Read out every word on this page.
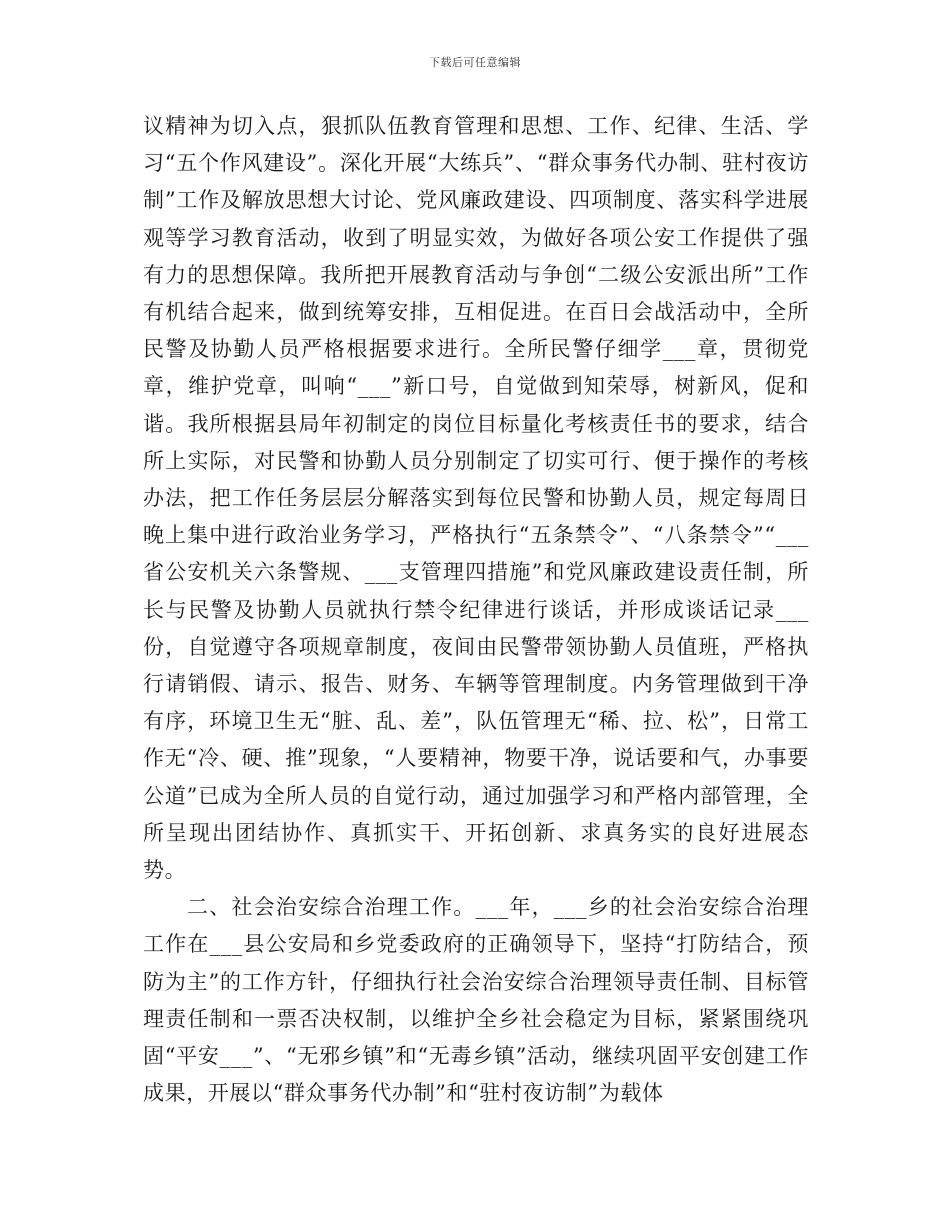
下载后可任意编辑

议精神为切入点，狠抓队伍教育管理和思想、工作、纪律、生活、学习“五个作风建设”。深化开展“大练兵”、“群众事务代办制、驻村夜访制”工作及解放思想大讨论、党风廉政建设、四项制度、落实科学进展观等学习教育活动，收到了明显实效，为做好各项公安工作提供了强有力的思想保障。我所把开展教育活动与争创“二级公安派出所”工作有机结合起来，做到统筹安排，互相促进。在百日会战活动中，全所民警及协勤人员严格根据要求进行。全所民警仔细学___章，贯彻党章，维护党章，叫响“___”新口号，自觉做到知荣辱，树新风，促和谐。我所根据县局年初制定的岗位目标量化考核责任书的要求，结合所上实际，对民警和协勤人员分别制定了切实可行、便于操作的考核办法，把工作任务层层分解落实到每位民警和协勤人员，规定每周日晚上集中进行政治业务学习，严格执行“五条禁令”、“八条禁令”“___省公安机关六条警规、___支管理四措施”和党风廉政建设责任制，所长与民警及协勤人员就执行禁令纪律进行谈话，并形成谈话记录___份，自觉遵守各项规章制度，夜间由民警带领协勤人员值班，严格执行请销假、请示、报告、财务、车辆等管理制度。内务管理做到干净有序，环境卫生无“脏、乱、差”，队伍管理无“稀、拉、松”，日常工作无“冷、硬、推”现象，“人要精神，物要干净，说话要和气，办事要公道”已成为全所人员的自觉行动，通过加强学习和严格内部管理，全所呈现出团结协作、真抓实干、开拓创新、求真务实的良好进展态势。

二、社会治安综合治理工作。___年，___乡的社会治安综合治理工作在___县公安局和乡党委政府的正确领导下，坚持“打防结合，预防为主”的工作方针，仔细执行社会治安综合治理领导责任制、目标管理责任制和一票否决权制，以维护全乡社会稳定为目标，紧紧围绕巩固“平安___”、“无邪乡镇”和“无毒乡镇”活动，继续巩固平安创建工作成果，开展以“群众事务代办制”和“驻村夜访制”为载体
